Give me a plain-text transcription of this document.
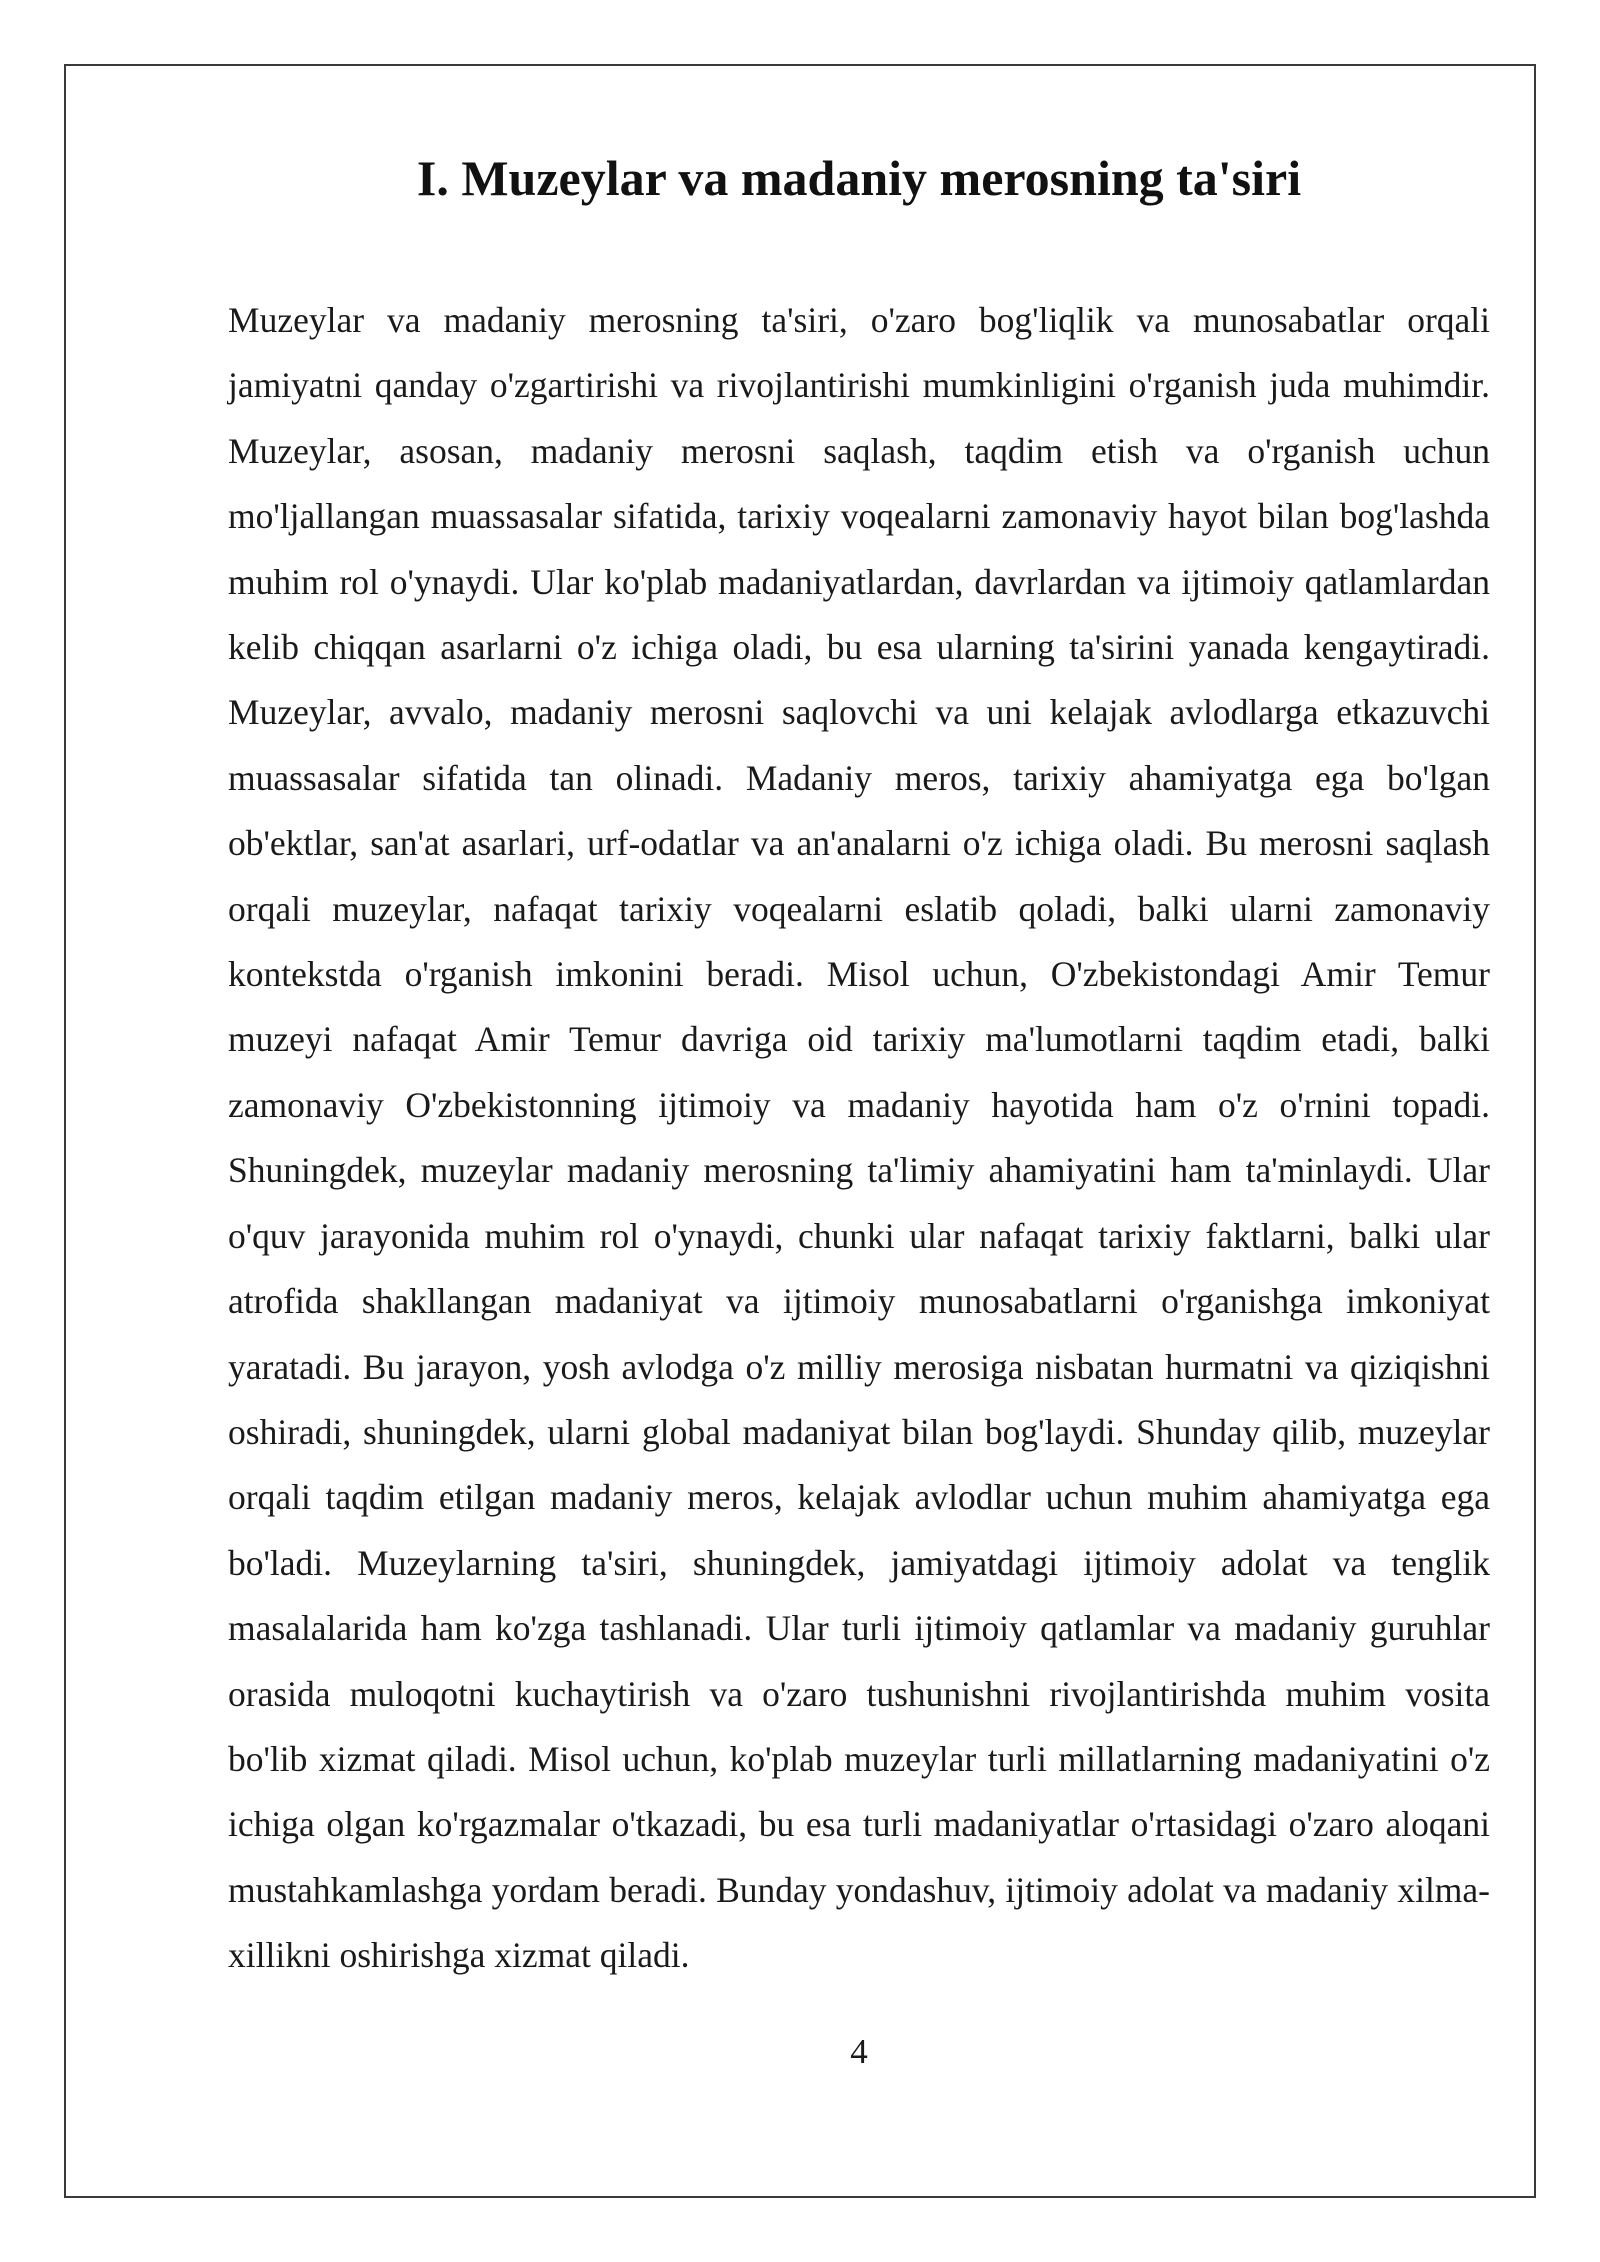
I. Muzeylar va madaniy merosning ta'siri

Muzeylar va madaniy merosning ta'siri, o'zaro bog'liqlik va munosabatlar orqali jamiyatni qanday o'zgartirishi va rivojlantirishi mumkinligini o'rganish juda muhimdir. Muzeylar, asosan, madaniy merosni saqlash, taqdim etish va o'rganish uchun mo'ljallangan muassasalar sifatida, tarixiy voqealarni zamonaviy hayot bilan bog'lashda muhim rol o'ynaydi. Ular ko'plab madaniyatlardan, davrlardan va ijtimoiy qatlamlardan kelib chiqqan asarlarni o'z ichiga oladi, bu esa ularning ta'sirini yanada kengaytiradi. Muzeylar, avvalo, madaniy merosni saqlovchi va uni kelajak avlodlarga etkazuvchi muassasalar sifatida tan olinadi. Madaniy meros, tarixiy ahamiyatga ega bo'lgan ob'ektlar, san'at asarlari, urf-odatlar va an'analarni o'z ichiga oladi. Bu merosni saqlash orqali muzeylar, nafaqat tarixiy voqealarni eslatib qoladi, balki ularni zamonaviy kontekstda o'rganish imkonini beradi. Misol uchun, O'zbekistondagi Amir Temur muzeyi nafaqat Amir Temur davriga oid tarixiy ma'lumotlarni taqdim etadi, balki zamonaviy O'zbekistonning ijtimoiy va madaniy hayotida ham o'z o'rnini topadi. Shuningdek, muzeylar madaniy merosning ta'limiy ahamiyatini ham ta'minlaydi. Ular o'quv jarayonida muhim rol o'ynaydi, chunki ular nafaqat tarixiy faktlarni, balki ular atrofida shakllangan madaniyat va ijtimoiy munosabatlarni o'rganishga imkoniyat yaratadi. Bu jarayon, yosh avlodga o'z milliy merosiga nisbatan hurmatni va qiziqishni oshiradi, shuningdek, ularni global madaniyat bilan bog'laydi. Shunday qilib, muzeylar orqali taqdim etilgan madaniy meros, kelajak avlodlar uchun muhim ahamiyatga ega bo'ladi. Muzeylarning ta'siri, shuningdek, jamiyatdagi ijtimoiy adolat va tenglik masalalarida ham ko'zga tashlanadi. Ular turli ijtimoiy qatlamlar va madaniy guruhlar orasida muloqotni kuchaytirish va o'zaro tushunishni rivojlantirishda muhim vosita bo'lib xizmat qiladi. Misol uchun, ko'plab muzeylar turli millatlarning madaniyatini o'z ichiga olgan ko'rgazmalar o'tkazadi, bu esa turli madaniyatlar o'rtasidagi o'zaro aloqani mustahkamlashga yordam beradi. Bunday yondashuv, ijtimoiy adolat va madaniy xilma-xillikni oshirishga xizmat qiladi.

4
